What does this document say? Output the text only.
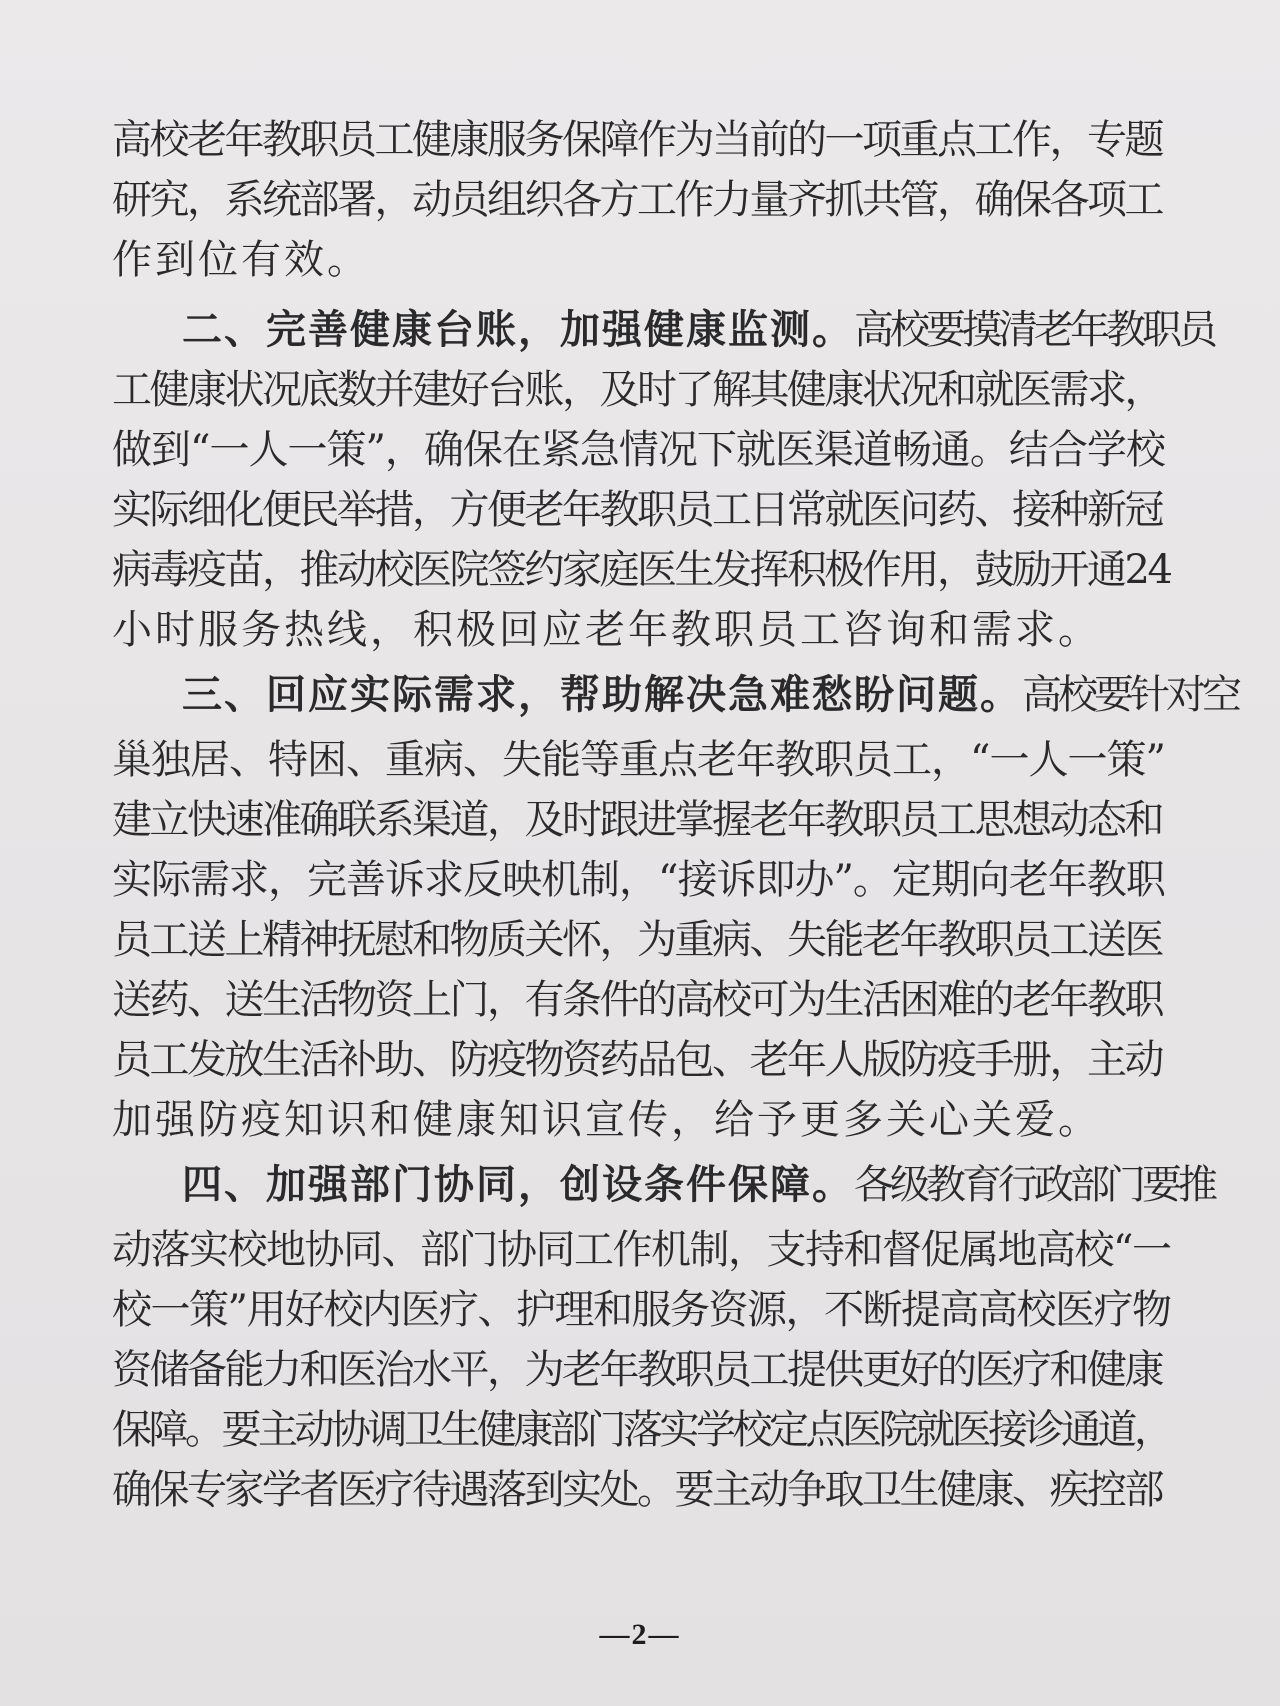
高校老年教职员工健康服务保障作为当前的一项重点工作，专题
研究，系统部署，动员组织各方工作力量齐抓共管，确保各项工
作到位有效。
二、完善健康台账，加强健康监测。高校要摸清老年教职员
工健康状况底数并建好台账，及时了解其健康状况和就医需求，
做到“一人一策”，确保在紧急情况下就医渠道畅通。结合学校
实际细化便民举措，方便老年教职员工日常就医问药、接种新冠
病毒疫苗，推动校医院签约家庭医生发挥积极作用，鼓励开通24
小时服务热线，积极回应老年教职员工咨询和需求。
三、回应实际需求，帮助解决急难愁盼问题。高校要针对空
巢独居、特困、重病、失能等重点老年教职员工，“一人一策”
建立快速准确联系渠道，及时跟进掌握老年教职员工思想动态和
实际需求，完善诉求反映机制，“接诉即办”。定期向老年教职
员工送上精神抚慰和物质关怀，为重病、失能老年教职员工送医
送药、送生活物资上门，有条件的高校可为生活困难的老年教职
员工发放生活补助、防疫物资药品包、老年人版防疫手册，主动
加强防疫知识和健康知识宣传，给予更多关心关爱。
四、加强部门协同，创设条件保障。各级教育行政部门要推
动落实校地协同、部门协同工作机制，支持和督促属地高校“一
校一策”用好校内医疗、护理和服务资源，不断提高高校医疗物
资储备能力和医治水平，为老年教职员工提供更好的医疗和健康
保障。要主动协调卫生健康部门落实学校定点医院就医接诊通道，
确保专家学者医疗待遇落到实处。要主动争取卫生健康、疾控部
—2—
